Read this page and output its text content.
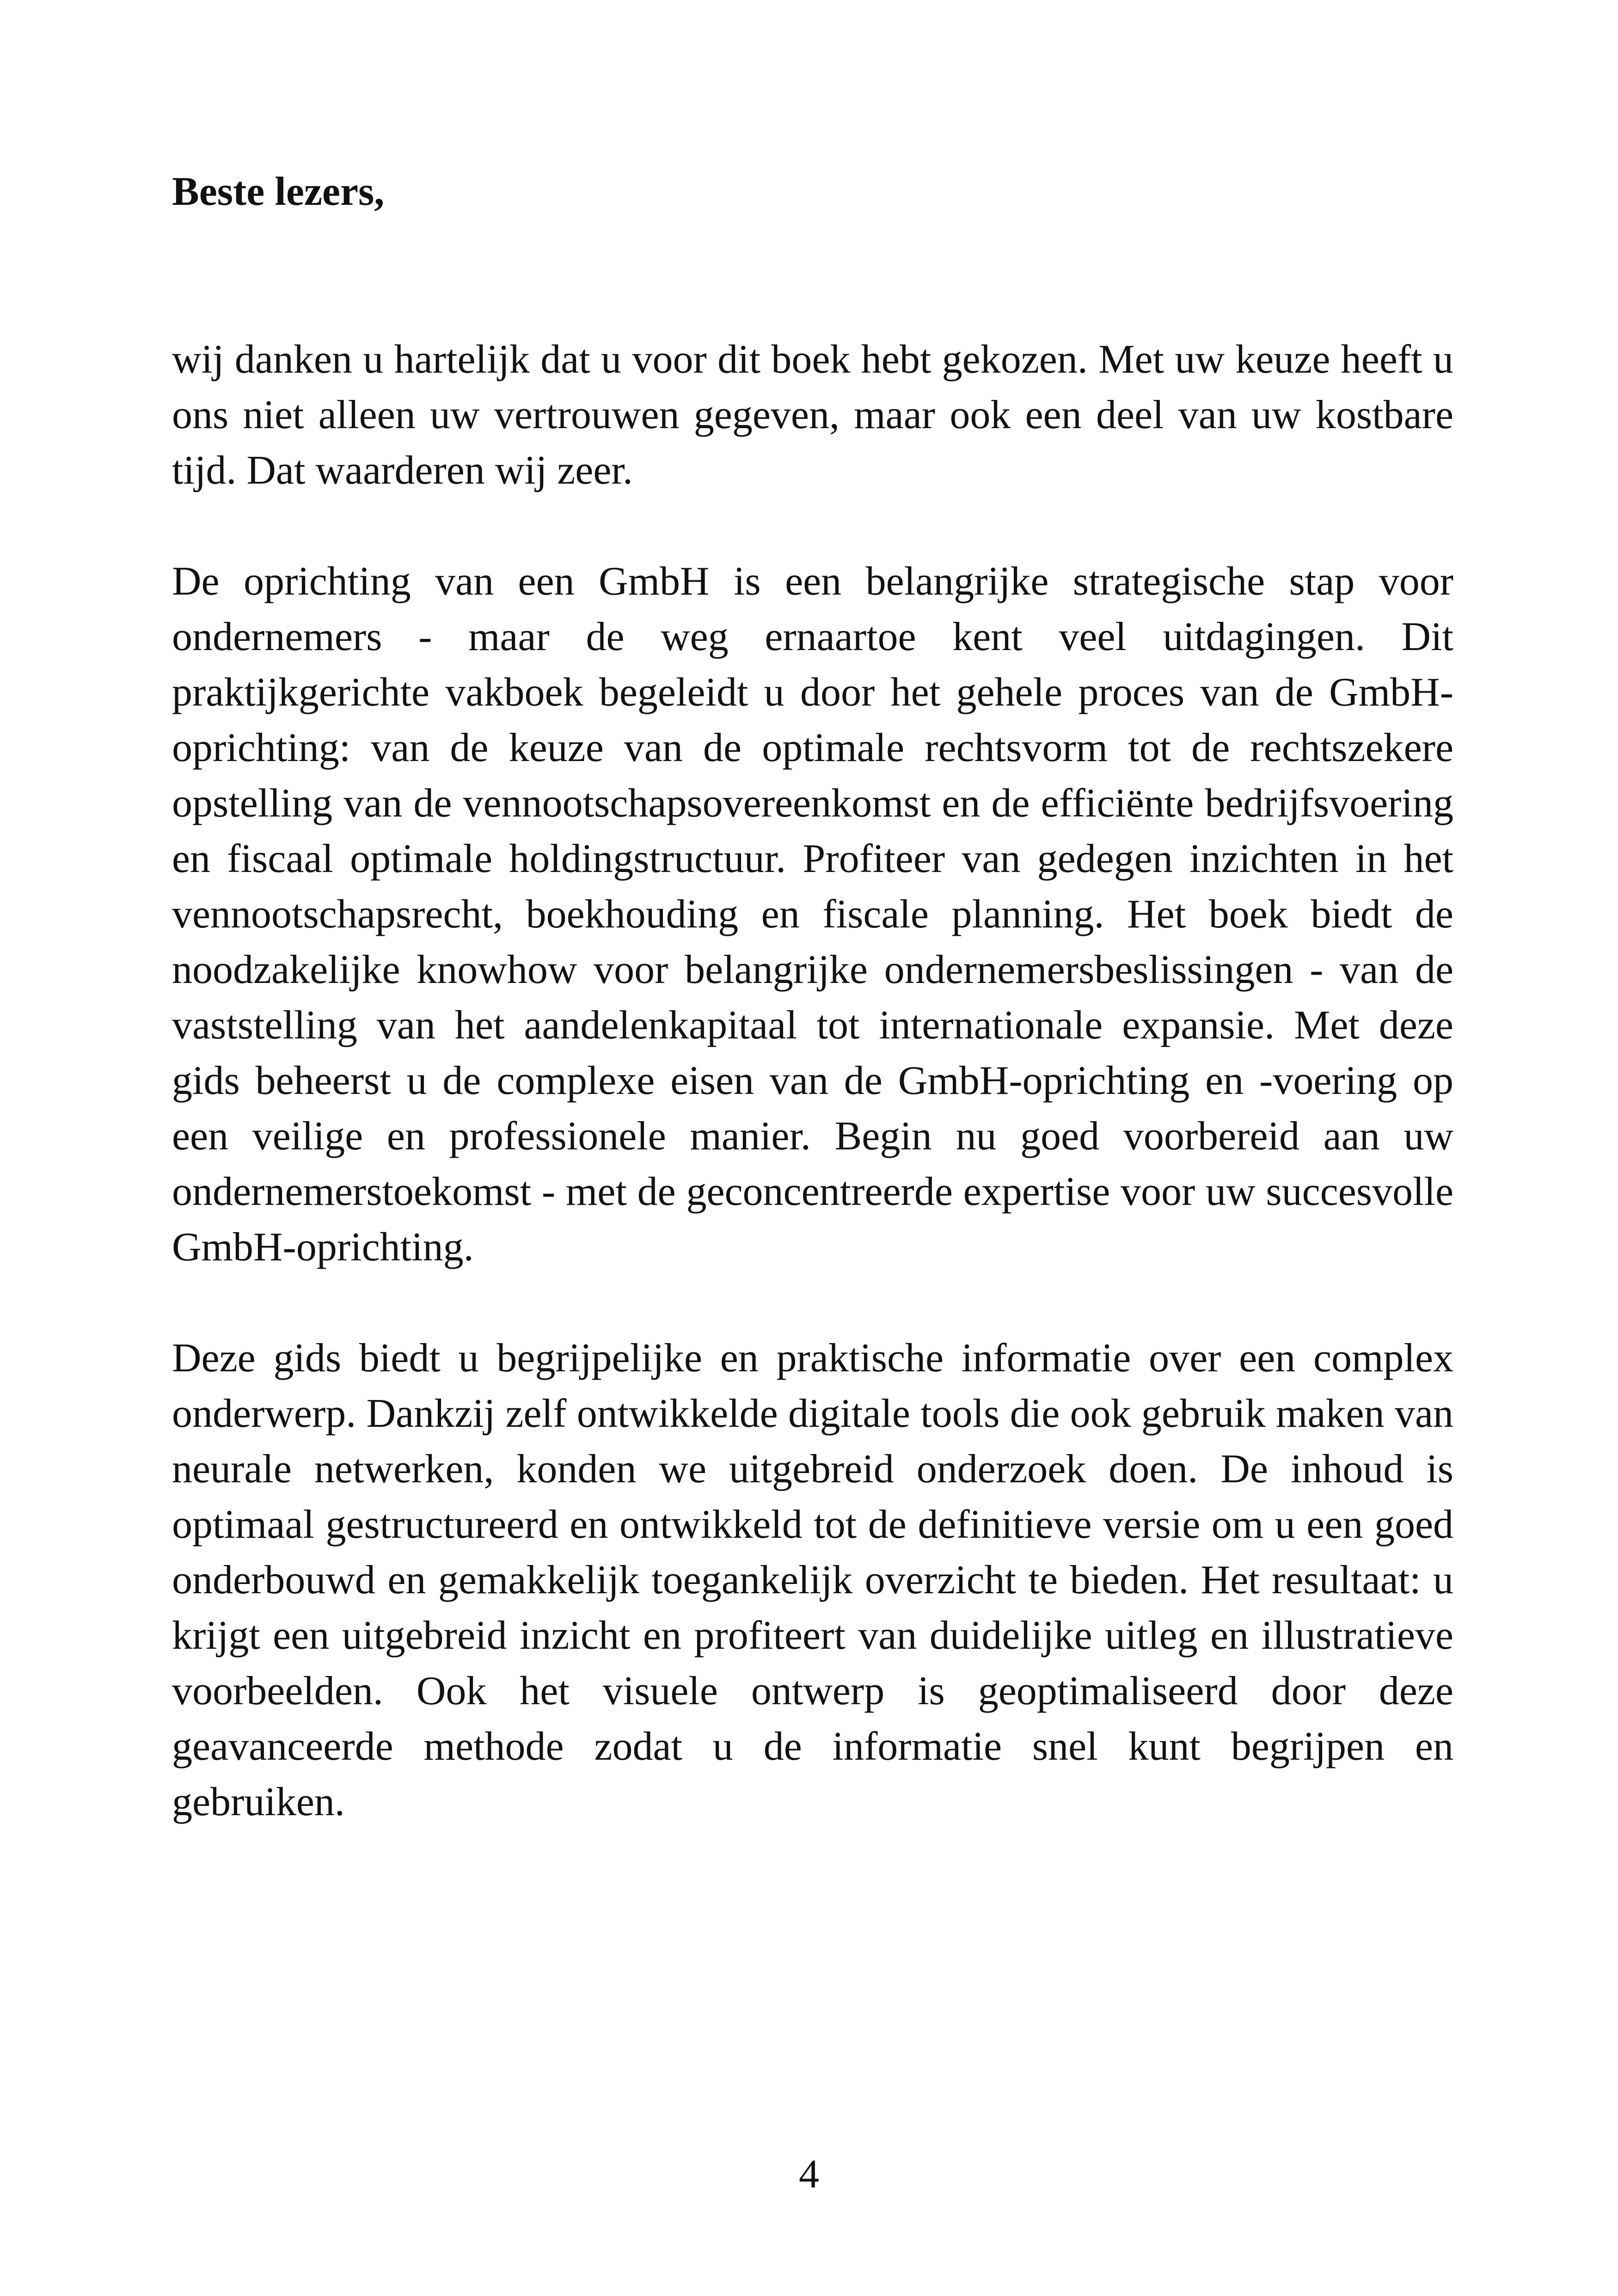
Beste lezers,

wij danken u hartelijk dat u voor dit boek hebt gekozen. Met uw keuze heeft u ons niet alleen uw vertrouwen gegeven, maar ook een deel van uw kostbare tijd. Dat waarderen wij zeer.

De oprichting van een GmbH is een belangrijke strategische stap voor ondernemers - maar de weg ernaartoe kent veel uitdagingen. Dit praktijkgerichte vakboek begeleidt u door het gehele proces van de GmbH-oprichting: van de keuze van de optimale rechtsvorm tot de rechtszekere opstelling van de vennootschapsovereenkomst en de efficiënte bedrijfsvoering en fiscaal optimale holdingstructuur. Profiteer van gedegen inzichten in het vennootschapsrecht, boekhouding en fiscale planning. Het boek biedt de noodzakelijke knowhow voor belangrijke ondernemersbeslissingen - van de vaststelling van het aandelenkapitaal tot internationale expansie. Met deze gids beheerst u de complexe eisen van de GmbH-oprichting en -voering op een veilige en professionele manier. Begin nu goed voorbereid aan uw ondernemerstoekomst - met de geconcentreerde expertise voor uw succesvolle GmbH-oprichting.

Deze gids biedt u begrijpelijke en praktische informatie over een complex onderwerp. Dankzij zelf ontwikkelde digitale tools die ook gebruik maken van neurale netwerken, konden we uitgebreid onderzoek doen. De inhoud is optimaal gestructureerd en ontwikkeld tot de definitieve versie om u een goed onderbouwd en gemakkelijk toegankelijk overzicht te bieden. Het resultaat: u krijgt een uitgebreid inzicht en profiteert van duidelijke uitleg en illustratieve voorbeelden. Ook het visuele ontwerp is geoptimaliseerd door deze geavanceerde methode zodat u de informatie snel kunt begrijpen en gebruiken.

4
